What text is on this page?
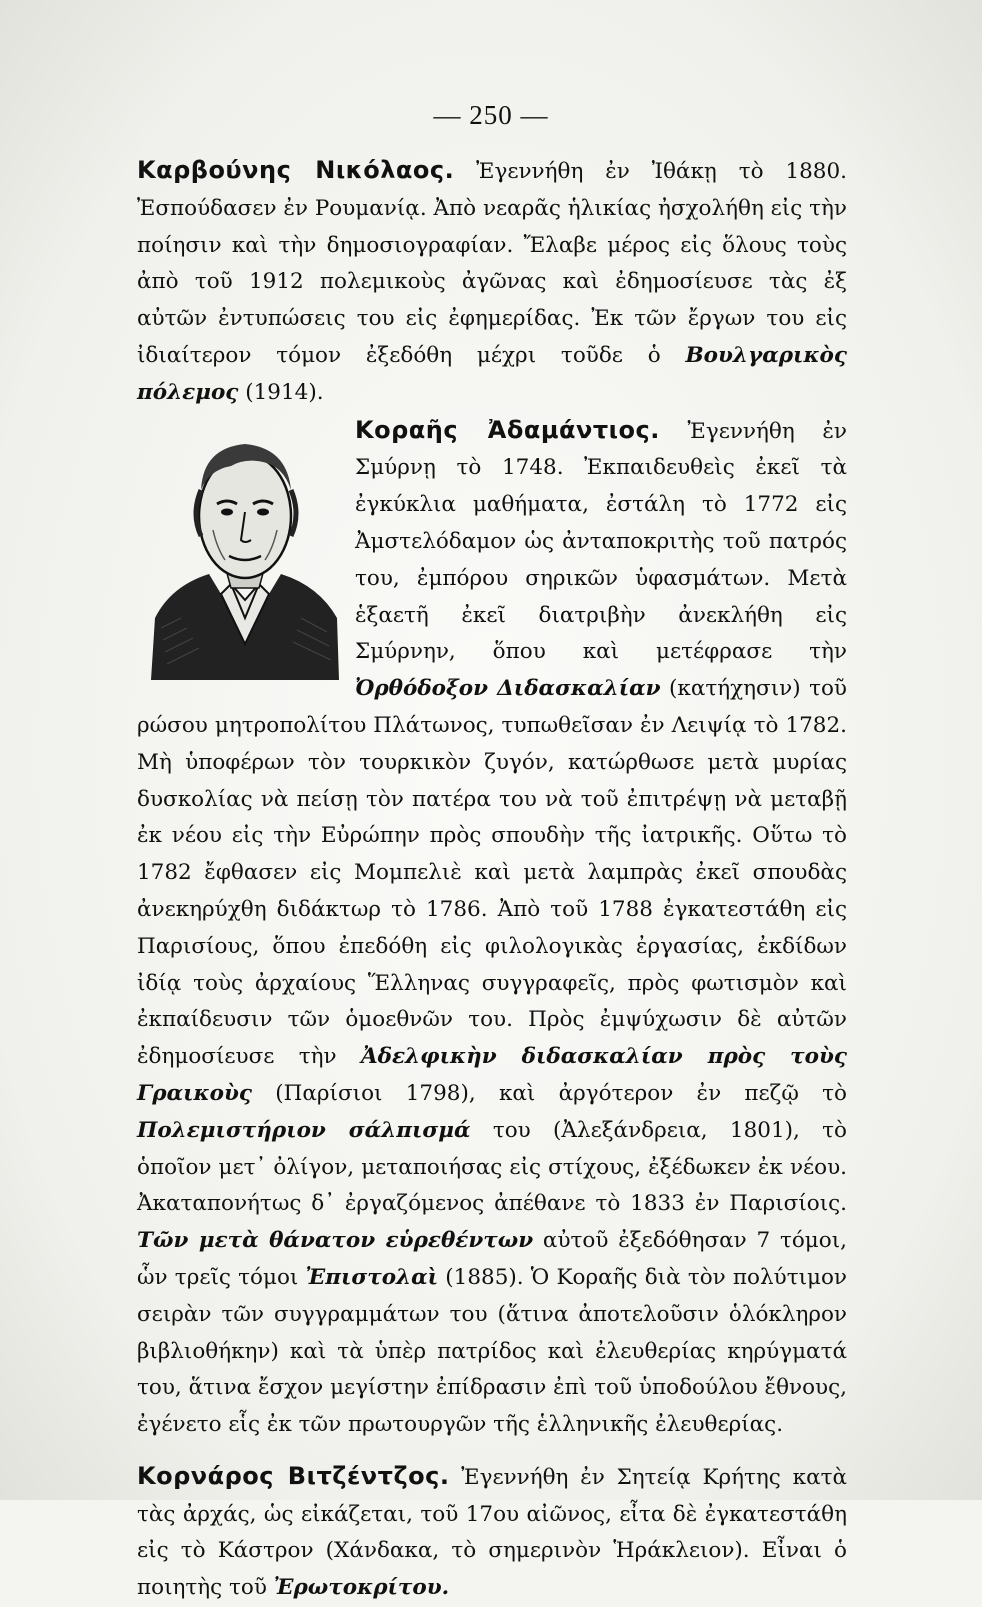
— 250 —

Καρβούνης Νικόλαος. Ἐγεννήθη ἐν Ἰθάκῃ τὸ 1880. Ἐσπούδασεν ἐν Ρουμανίᾳ. Ἀπὸ νεαρᾶς ἡλικίας ἠσχολήθη εἰς τὴν ποίησιν καὶ τὴν δημοσιογραφίαν. Ἔλαβε μέρος εἰς ὅλους τοὺς ἀπὸ τοῦ 1912 πολεμικοὺς ἀγῶνας καὶ ἐδημοσίευσε τὰς ἐξ αὐτῶν ἐντυπώσεις του εἰς ἐφημερίδας. Ἐκ τῶν ἔργων του εἰς ἰδιαίτερον τόμον ἐξεδόθη μέχρι τοῦδε ὁ Βουλγαρικὸς πόλεμος (1914).

Κοραῆς Ἀδαμάντιος.
Ἐγεννήθη ἐν Σμύρνῃ τὸ 1748. Ἐκπαιδευθεὶς ἐκεῖ τὰ ἐγκύκλια μαθήματα, ἐστάλη τὸ 1772 εἰς Ἀμστελόδαμον ὡς ἀνταποκριτὴς τοῦ πατρός του, ἐμπόρου σηρικῶν ὑφασμάτων. Μετὰ ἑξαετῆ ἐκεῖ διατριβὴν ἀνεκλήθη εἰς Σμύρνην, ὅπου καὶ μετέφρασε τὴν Ὀρθόδοξον Διδασκαλίαν (κατήχησιν) τοῦ ρώσου μητροπολίτου Πλάτωνος, τυπωθεῖσαν ἐν Λειψίᾳ τὸ 1782. Μὴ ὑποφέρων τὸν τουρκικὸν ζυγόν, κατώρθωσε μετὰ μυρίας δυσκολίας νὰ πείσῃ τὸν πατέρα του νὰ τοῦ ἐπιτρέψῃ νὰ μεταβῇ ἐκ νέου εἰς τὴν Εὐρώπην πρὸς σπουδὴν τῆς ἰατρικῆς. Οὕτω τὸ 1782 ἔφθασεν εἰς Μομπελιὲ καὶ μετὰ λαμπρὰς ἐκεῖ σπουδὰς ἀνεκηρύχθη διδάκτωρ τὸ 1786. Ἀπὸ τοῦ 1788 ἐγκατεστάθη εἰς Παρισίους, ὅπου ἐπεδόθη εἰς φιλολογικὰς ἐργασίας, ἐκδίδων ἰδίᾳ τοὺς ἀρχαίους Ἕλληνας συγγραφεῖς, πρὸς φωτισμὸν καὶ ἐκπαίδευσιν τῶν ὁμοεθνῶν του. Πρὸς ἐμψύχωσιν δὲ αὐτῶν ἐδημοσίευσε τὴν Ἀδελφικὴν διδασκαλίαν πρὸς τοὺς Γραικοὺς (Παρίσιοι 1798), καὶ ἀργότερον ἐν πεζῷ τὸ Πολεμιστήριον σάλπισμά του (Ἀλεξάνδρεια, 1801), τὸ ὁποῖον μετ᾿ ὀλίγον, μεταποιήσας εἰς στίχους, ἐξέδωκεν ἐκ νέου. Ἀκαταπονήτως δ᾿ ἐργαζόμενος ἀπέθανε τὸ 1833 ἐν Παρισίοις. Τῶν μετὰ θάνατον εὑρεθέντων αὐτοῦ ἐξεδόθησαν 7 τόμοι, ὧν τρεῖς τόμοι Ἐπιστολαὶ (1885). Ὁ Κοραῆς διὰ τὸν πολύτιμον σειρὰν τῶν συγγραμμάτων του (ἅτινα ἀποτελοῦσιν ὁλόκληρον βιβλιοθήκην) καὶ τὰ ὑπὲρ πατρίδος καὶ ἐλευθερίας κηρύγματά του, ἅτινα ἔσχον μεγίστην ἐπίδρασιν ἐπὶ τοῦ ὑποδούλου ἔθνους, ἐγένετο εἷς ἐκ τῶν πρωτουργῶν τῆς ἑλληνικῆς ἐλευθερίας.

Κορνάρος Βιτζέντζος. Ἐγεννήθη ἐν Σητείᾳ Κρήτης κατὰ τὰς ἀρχάς, ὡς εἰκάζεται, τοῦ 17ου αἰῶνος, εἶτα δὲ ἐγκατεστάθη εἰς τὸ Κάστρον (Χάνδακα, τὸ σημερινὸν Ἡράκλειον). Εἶναι ὁ ποιητὴς τοῦ Ἐρωτοκρίτου.
